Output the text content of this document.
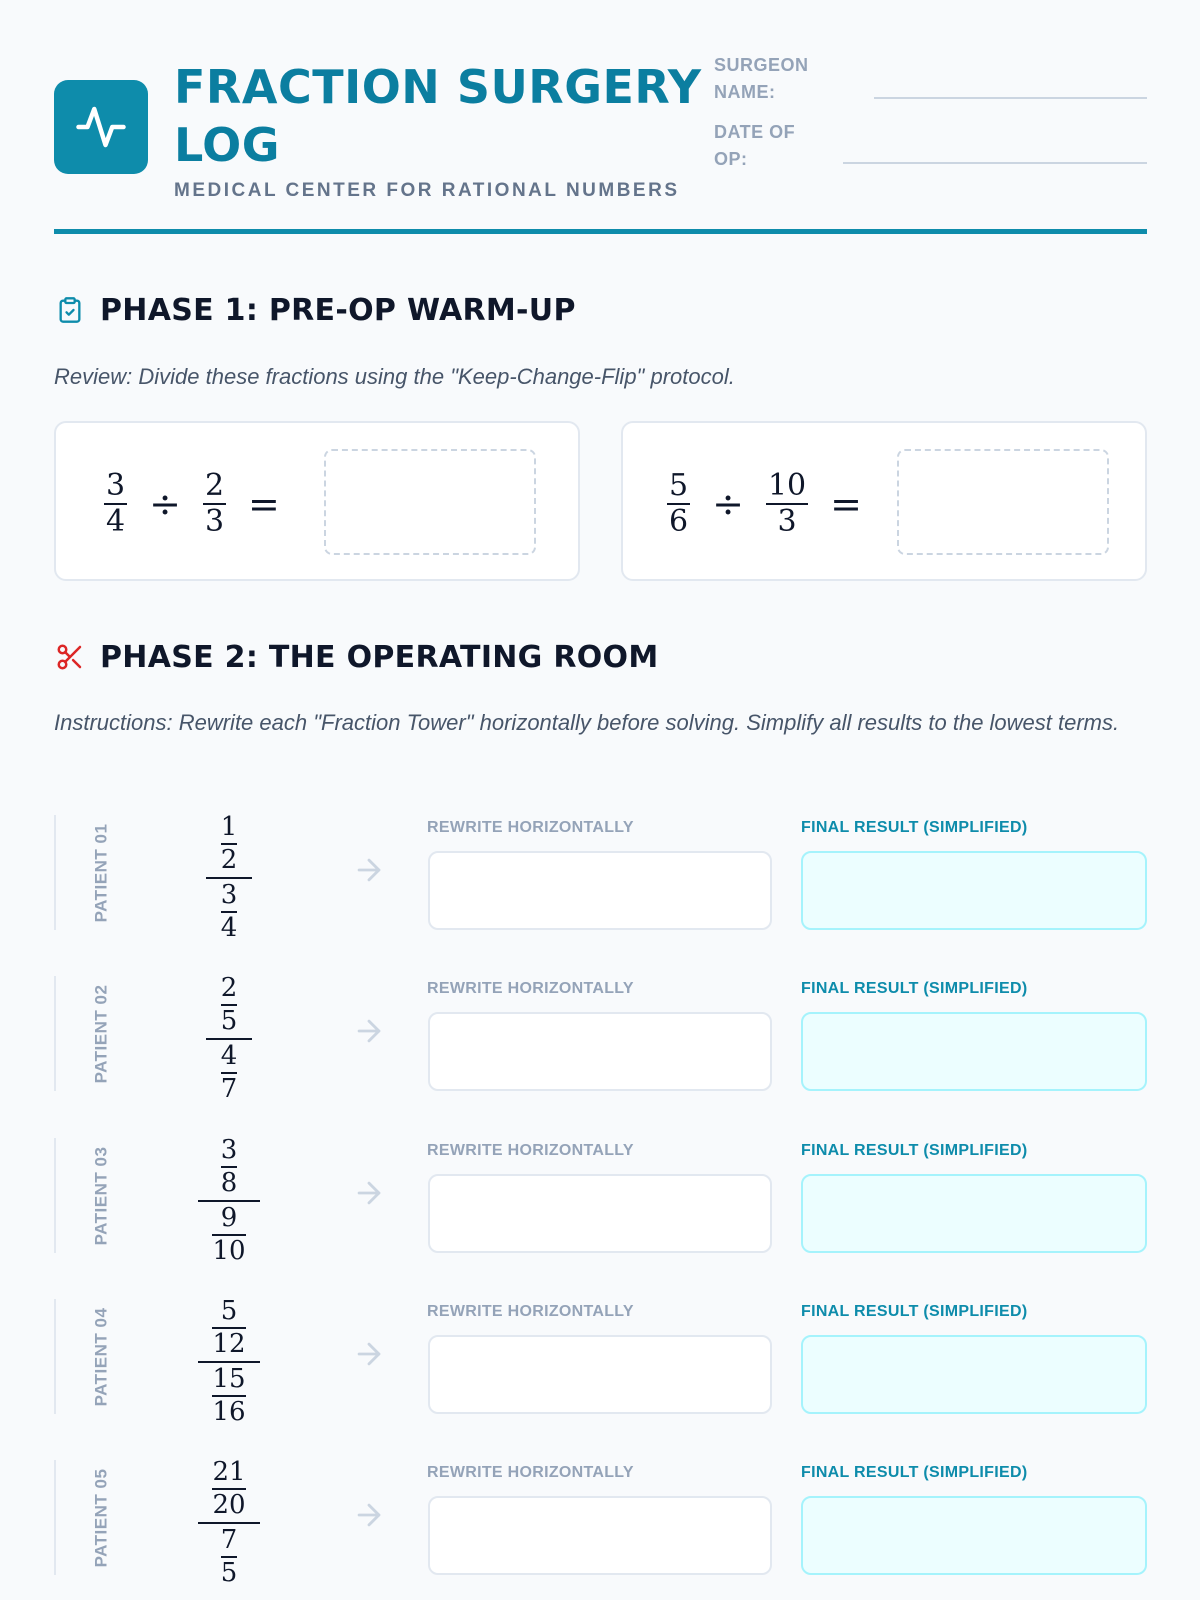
FRACTION SURGERY
LOG
MEDICAL CENTER FOR RATIONAL NUMBERS
SURGEON
NAME:
DATE OF
OP:
PHASE 1: PRE-OP WARM-UP
Review: Divide these fractions using the "Keep-Change-Flip" protocol.
$\frac{3}{4} \div \frac{2}{3}$ =	$\frac{5}{6} \div \frac{10}{3}$ =
PHASE 2: THE OPERATING ROOM
Instructions: Rewrite each "Fraction Tower" horizontally before solving. Simplify all results to the lowest terms.
PATIENT 01	1
2
3
4
REWRITE HORIZONTALLY	FINAL RESULT (SIMPLIFIED)
PATIENT 02	2
5
4
7
REWRITE HORIZONTALLY	FINAL RESULT (SIMPLIFIED)
PATIENT 03	3
8
9
10
REWRITE HORIZONTALLY	FINAL RESULT (SIMPLIFIED)
PATIENT 04	5
12
15
16
REWRITE HORIZONTALLY	FINAL RESULT (SIMPLIFIED)
PATIENT 05	21
20
7
5
REWRITE HORIZONTALLY	FINAL RESULT (SIMPLIFIED)
